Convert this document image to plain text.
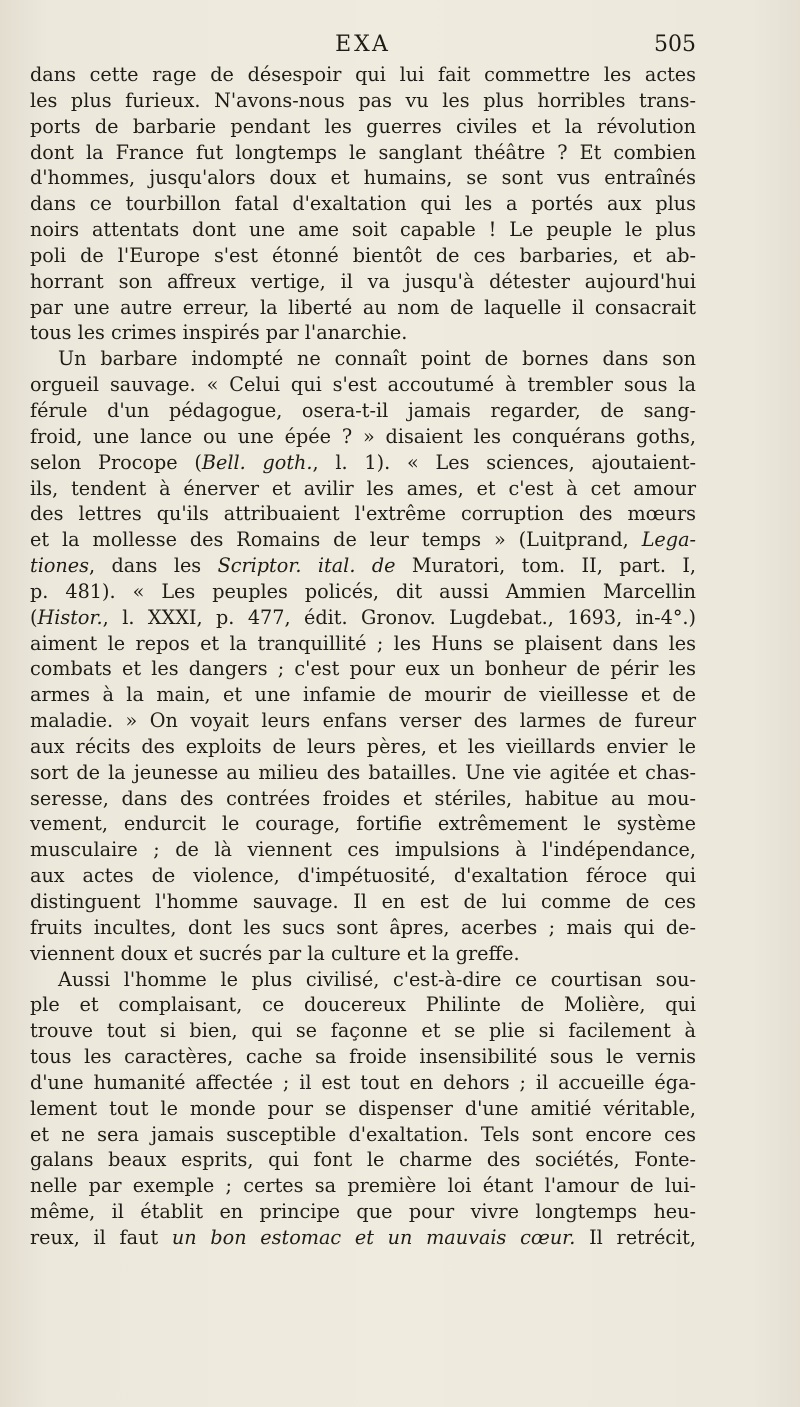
EXA	505
dans cette rage de désespoir qui lui fait commettre les actes
les plus furieux. N'avons-nous pas vu les plus horribles trans-
ports de barbarie pendant les guerres civiles et la révolution
dont la France fut longtemps le sanglant théâtre ? Et combien
d'hommes, jusqu'alors doux et humains, se sont vus entraînés
dans ce tourbillon fatal d'exaltation qui les a portés aux plus
noirs attentats dont une ame soit capable ! Le peuple le plus
poli de l'Europe s'est étonné bientôt de ces barbaries, et ab-
horrant son affreux vertige, il va jusqu'à détester aujourd'hui
par une autre erreur, la liberté au nom de laquelle il consacrait
tous les crimes inspirés par l'anarchie.
Un barbare indompté ne connaît point de bornes dans son
orgueil sauvage. « Celui qui s'est accoutumé à trembler sous la
férule d'un pédagogue, osera-t-il jamais regarder, de sang-
froid, une lance ou une épée ? » disaient les conquérans goths,
selon Procope (Bell. goth., l. 1). « Les sciences, ajoutaient-
ils, tendent à énerver et avilir les ames, et c'est à cet amour
des lettres qu'ils attribuaient l'extrême corruption des mœurs
et la mollesse des Romains de leur temps » (Luitprand, Lega-
tiones, dans les Scriptor. ital. de Muratori, tom. II, part. I,
p. 481). « Les peuples policés, dit aussi Ammien Marcellin
(Histor., l. XXXI, p. 477, édit. Gronov. Lugdebat., 1693, in-4°.)
aiment le repos et la tranquillité ; les Huns se plaisent dans les
combats et les dangers ; c'est pour eux un bonheur de périr les
armes à la main, et une infamie de mourir de vieillesse et de
maladie. » On voyait leurs enfans verser des larmes de fureur
aux récits des exploits de leurs pères, et les vieillards envier le
sort de la jeunesse au milieu des batailles. Une vie agitée et chas-
seresse, dans des contrées froides et stériles, habitue au mou-
vement, endurcit le courage, fortifie extrêmement le système
musculaire ; de là viennent ces impulsions à l'indépendance,
aux actes de violence, d'impétuosité, d'exaltation féroce qui
distinguent l'homme sauvage. Il en est de lui comme de ces
fruits incultes, dont les sucs sont âpres, acerbes ; mais qui de-
viennent doux et sucrés par la culture et la greffe.
Aussi l'homme le plus civilisé, c'est-à-dire ce courtisan sou-
ple et complaisant, ce doucereux Philinte de Molière, qui
trouve tout si bien, qui se façonne et se plie si facilement à
tous les caractères, cache sa froide insensibilité sous le vernis
d'une humanité affectée ; il est tout en dehors ; il accueille éga-
lement tout le monde pour se dispenser d'une amitié véritable,
et ne sera jamais susceptible d'exaltation. Tels sont encore ces
galans beaux esprits, qui font le charme des sociétés, Fonte-
nelle par exemple ; certes sa première loi étant l'amour de lui-
même, il établit en principe que pour vivre longtemps heu-
reux, il faut un bon estomac et un mauvais cœur. Il retrécit,
